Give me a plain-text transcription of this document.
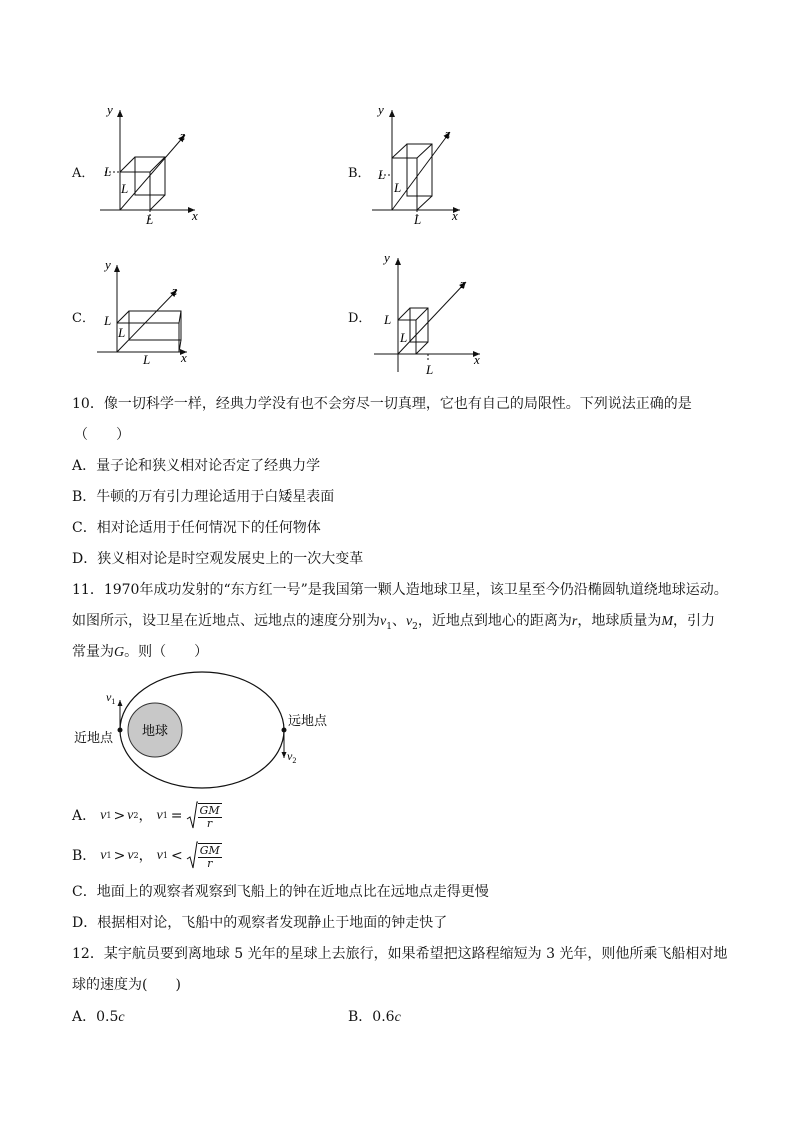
A．
y
z
x
L
L
L
B．
y
z
x
L
L
L
C．
y
z
x
L
L
L
D．
y
z
x
L
L
L
10．像一切科学一样，经典力学没有也不会穷尽一切真理，它也有自己的局限性。下列说法正确的是
（　　）
A．量子论和狭义相对论否定了经典力学
B．牛顿的万有引力理论适用于白矮星表面
C．相对论适用于任何情况下的任何物体
D．狭义相对论是时空观发展史上的一次大变革
11．1970年成功发射的“东方红一号”是我国第一颗人造地球卫星，该卫星至今仍沿椭圆轨道绕地球运动。
如图所示，设卫星在近地点、远地点的速度分别为$v_1$、$v_2$，近地点到地心的距离为r，地球质量为M，引力
常量为G。则（　　）
地球
近地点
远地点
$v_1$
$v_2$
A． v 1 > v 2 ， v $1 = \frac{GM}{r}$
B． v 1 > v 2 ， v $1 < \frac{GM}{r}$
C．地面上的观察者观察到飞船上的钟在近地点比在远地点走得更慢
D．根据相对论，飞船中的观察者发现静止于地面的钟走快了
12．某宇航员要到离地球 5 光年的星球上去旅行，如果希望把这路程缩短为 3 光年，则他所乘飞船相对地
球的速度为(　　)
A．0.5c	B．0.6c
